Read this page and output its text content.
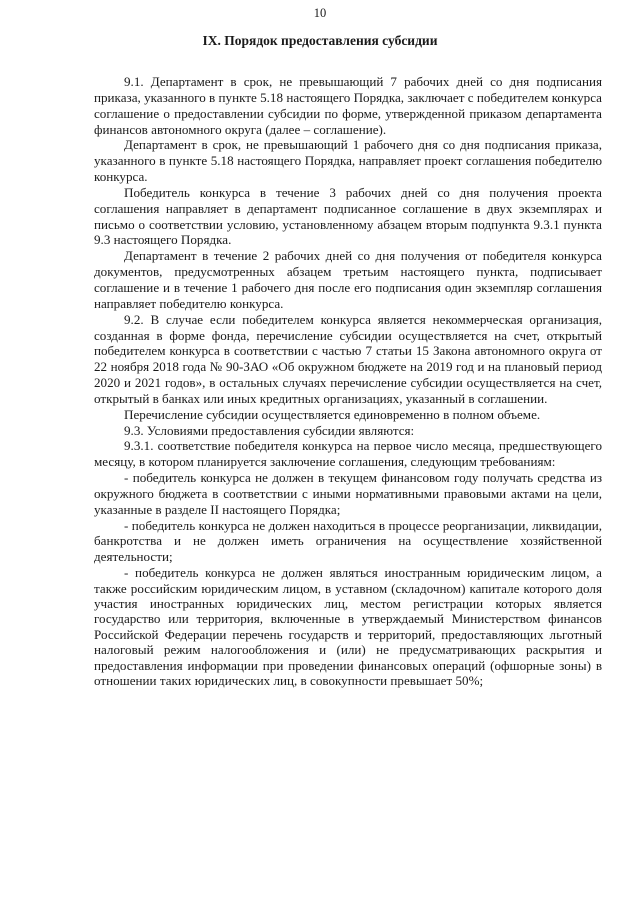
10
IX. Порядок предоставления субсидии

9.1. Департамент в срок, не превышающий 7 рабочих дней со дня подписания приказа, указанного в пункте 5.18 настоящего Порядка, заключает с победителем конкурса соглашение о предоставлении субсидии по форме, утвержденной приказом департамента финансов автономного округа (далее – соглашение).

Департамент в срок, не превышающий 1 рабочего дня со дня подписания приказа, указанного в пункте 5.18 настоящего Порядка, направляет проект соглашения победителю конкурса.

Победитель конкурса в течение 3 рабочих дней со дня получения проекта соглашения направляет в департамент подписанное соглашение в двух экземплярах и письмо о соответствии условию, установленному абзацем вторым подпункта 9.3.1 пункта 9.3 настоящего Порядка.

Департамент в течение 2 рабочих дней со дня получения от победителя конкурса документов, предусмотренных абзацем третьим настоящего пункта, подписывает соглашение и в течение 1 рабочего дня после его подписания один экземпляр соглашения направляет победителю конкурса.

9.2. В случае если победителем конкурса является некоммерческая организация, созданная в форме фонда, перечисление субсидии осуществляется на счет, открытый победителем конкурса в соответствии с частью 7 статьи 15 Закона автономного округа от 22 ноября 2018 года № 90-ЗАО «Об окружном бюджете на 2019 год и на плановый период 2020 и 2021 годов», в остальных случаях перечисление субсидии осуществляется на счет, открытый в банках или иных кредитных организациях, указанный в соглашении.

Перечисление субсидии осуществляется единовременно в полном объеме.

9.3. Условиями предоставления субсидии являются:

9.3.1. соответствие победителя конкурса на первое число месяца, предшествующего месяцу, в котором планируется заключение соглашения, следующим требованиям:

- победитель конкурса не должен в текущем финансовом году получать средства из окружного бюджета в соответствии с иными нормативными правовыми актами на цели, указанные в разделе II настоящего Порядка;

- победитель конкурса не должен находиться в процессе реорганизации, ликвидации, банкротства и не должен иметь ограничения на осуществление хозяйственной деятельности;

- победитель конкурса не должен являться иностранным юридическим лицом, а также российским юридическим лицом, в уставном (складочном) капитале которого доля участия иностранных юридических лиц, местом регистрации которых является государство или территория, включенные в утверждаемый Министерством финансов Российской Федерации перечень государств и территорий, предоставляющих льготный налоговый режим налогообложения и (или) не предусматривающих раскрытия и предоставления информации при проведении финансовых операций (офшорные зоны) в отношении таких юридических лиц, в совокупности превышает 50%;
